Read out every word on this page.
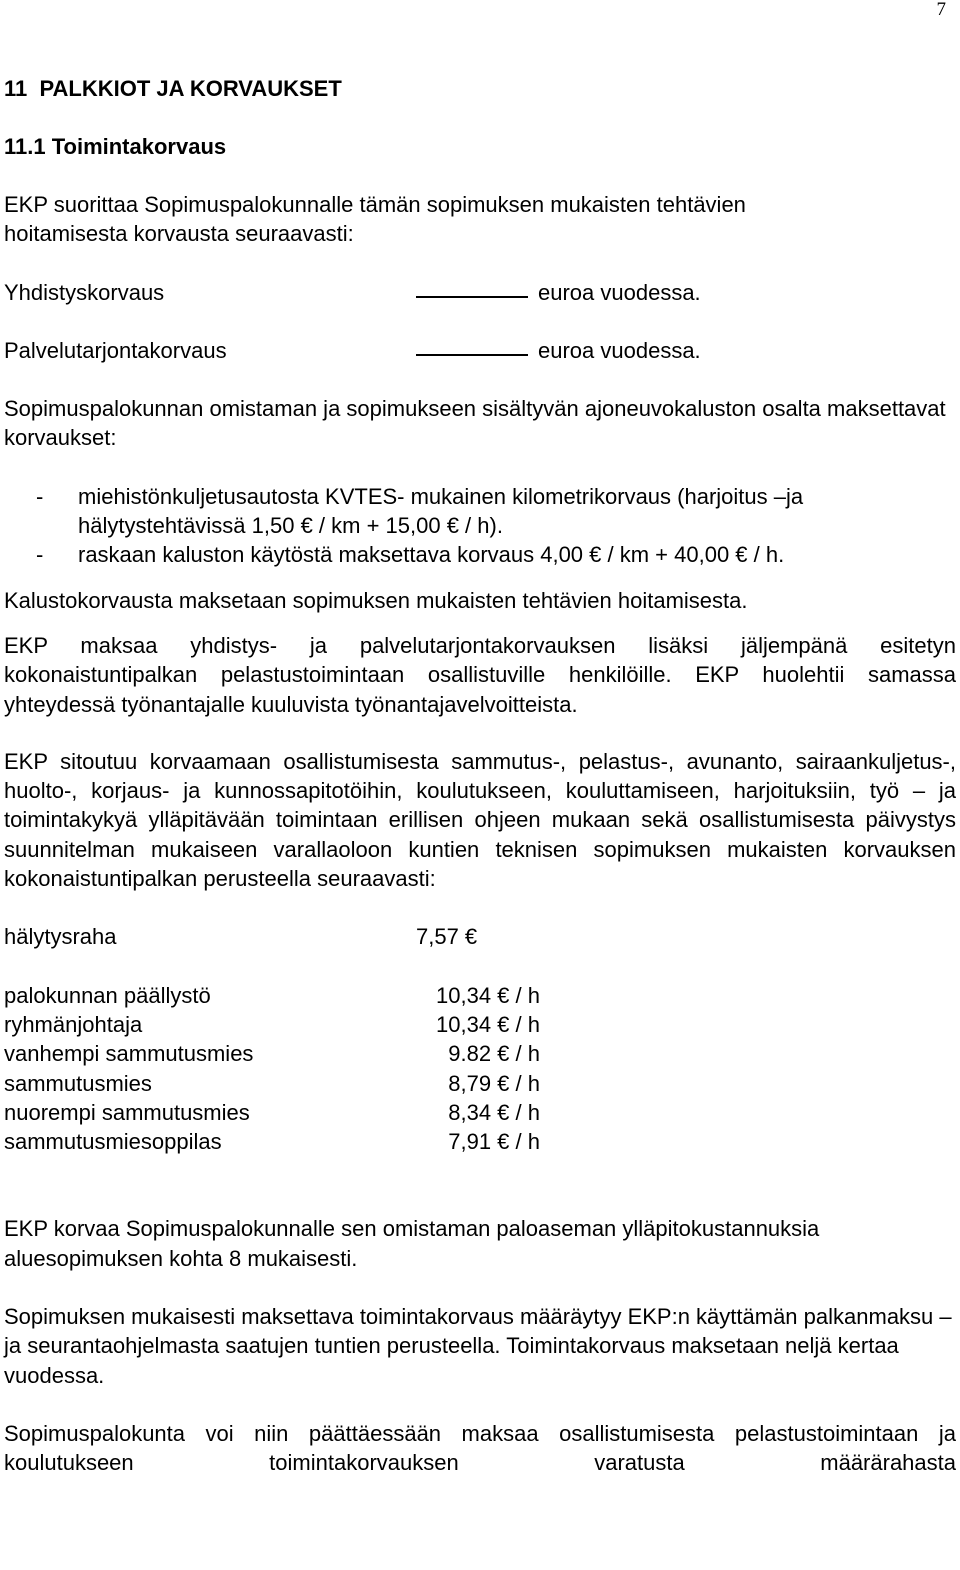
7
11  PALKKIOT JA KORVAUKSET
11.1 Toimintakorvaus

EKP suorittaa Sopimuspalokunnalle tämän sopimuksen mukaisten tehtävien hoitamisesta korvausta seuraavasti:

Yhdistyskorvaus	euroa vuodessa.
Palvelutarjontakorvaus	euroa vuodessa.

Sopimuspalokunnan omistaman ja sopimukseen sisältyvän ajoneuvokaluston osalta maksettavat korvaukset:

-	miehistönkuljetusautosta KVTES- mukainen kilometrikorvaus (harjoitus –ja hälytystehtävissä 1,50 € / km + 15,00 € / h).
-	raskaan kaluston käytöstä maksettava korvaus 4,00 € / km + 40,00 € / h.

Kalustokorvausta maksetaan sopimuksen mukaisten tehtävien hoitamisesta.

EKP maksaa yhdistys- ja palvelutarjontakorvauksen lisäksi jäljempänä esitetyn kokonaistuntipalkan pelastustoimintaan osallistuville henkilöille. EKP huolehtii samassa yhteydessä työnantajalle kuuluvista työnantajavelvoitteista.

EKP sitoutuu korvaamaan osallistumisesta sammutus-, pelastus-, avunanto, sairaankuljetus-, huolto-, korjaus- ja kunnossapitotöihin, koulutukseen, kouluttamiseen, harjoituksiin, työ – ja toimintakykyä ylläpitävään toimintaan erillisen ohjeen mukaan sekä osallistumisesta päivystys suunnitelman mukaiseen varallaoloon kuntien teknisen sopimuksen mukaisten korvauksen kokonaistuntipalkan perusteella seuraavasti:

hälytysraha	7,57 €
palokunnan päällystö	10,34 € / h
ryhmänjohtaja	10,34 € / h
vanhempi sammutusmies	9.82 € / h
sammutusmies	8,79 € / h
nuorempi sammutusmies	8,34 € / h
sammutusmiesoppilas	7,91 € / h

EKP korvaa Sopimuspalokunnalle sen omistaman paloaseman ylläpitokustannuksia aluesopimuksen kohta 8 mukaisesti.

Sopimuksen mukaisesti maksettava toimintakorvaus määräytyy EKP:n käyttämän palkanmaksu – ja seurantaohjelmasta saatujen tuntien perusteella. Toimintakorvaus maksetaan neljä kertaa vuodessa.

Sopimuspalokunta voi niin päättäessään maksaa osallistumisesta pelastustoimintaan ja koulutukseen toimintakorvauksen varatusta määrärahasta
